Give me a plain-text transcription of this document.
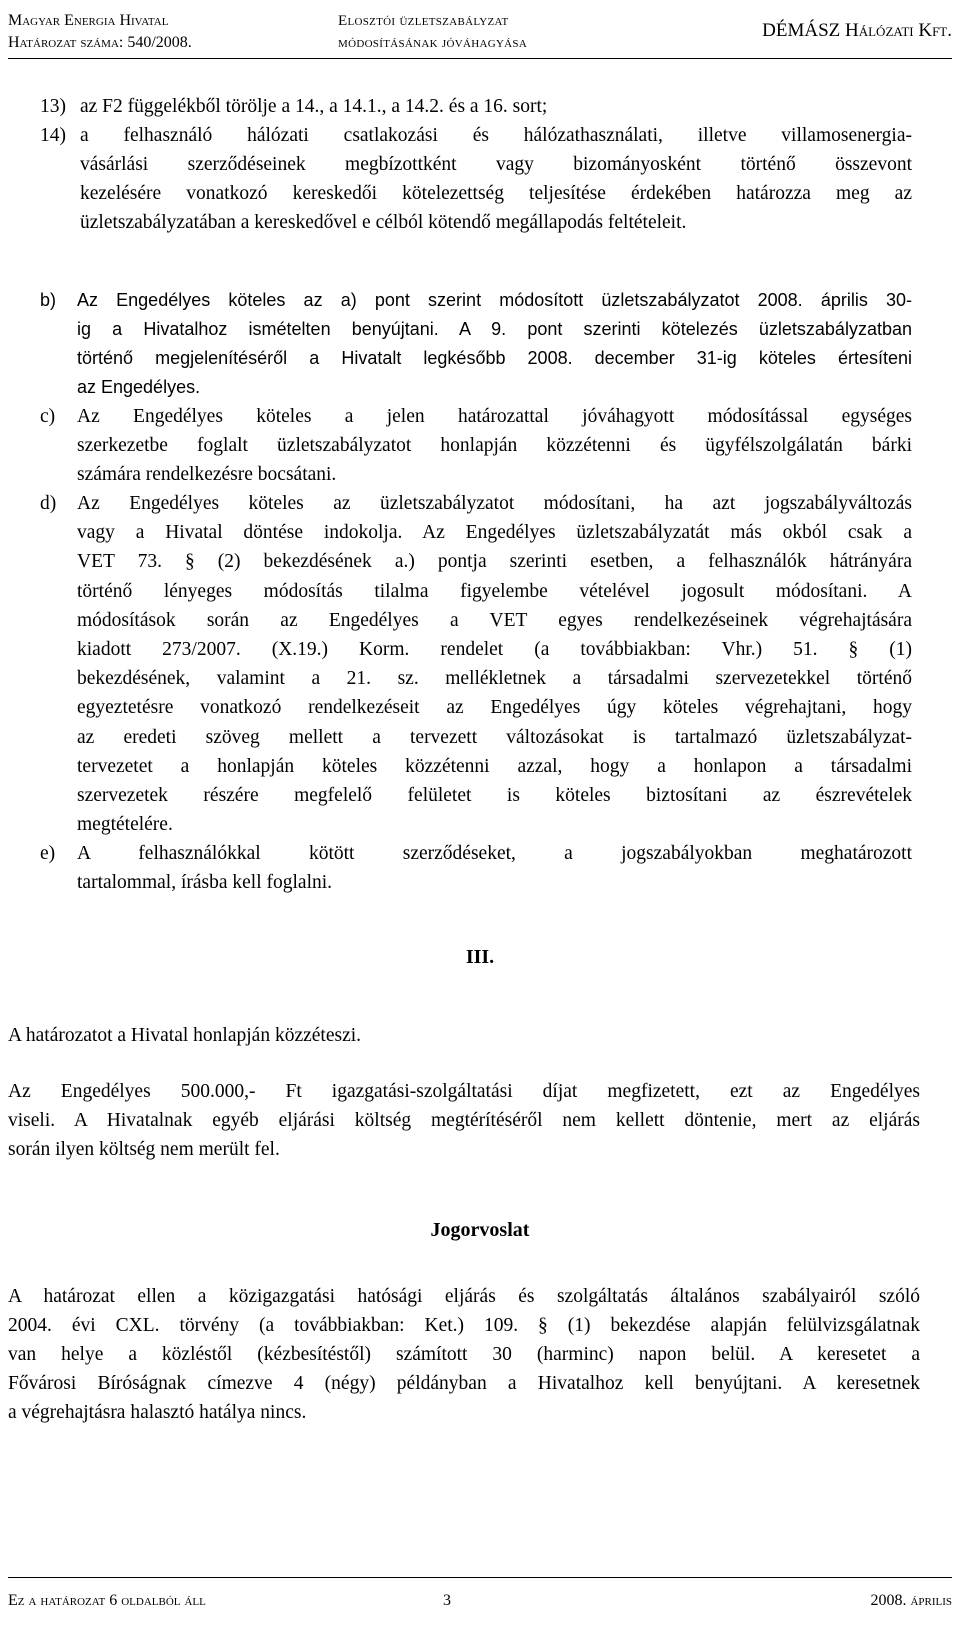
Magyar Energia Hivatal
Határozat száma: 540/2008.
Elosztói üzletszabályzat
módosításának jóváhagyása
DÉMÁSZ Hálózati Kft.
13) az F2 függelékből törölje a 14., a 14.1., a 14.2. és a 16. sort;
14) a felhasználó hálózati csatlakozási és hálózathasználati, illetve villamosenergia-
vásárlási szerződéseinek megbízottként vagy bizományosként történő összevont
kezelésére vonatkozó kereskedői kötelezettség teljesítése érdekében határozza meg az
üzletszabályzatában a kereskedővel e célból kötendő megállapodás feltételeit.
b) Az Engedélyes köteles az a) pont szerint módosított üzletszabályzatot 2008. április 30-
ig a Hivatalhoz ismételten benyújtani. A 9. pont szerinti kötelezés üzletszabályzatban
történő megjelenítéséről a Hivatalt legkésőbb 2008. december 31-ig köteles értesíteni
az Engedélyes.
c) Az Engedélyes köteles a jelen határozattal jóváhagyott módosítással egységes
szerkezetbe foglalt üzletszabályzatot honlapján közzétenni és ügyfélszolgálatán bárki
számára rendelkezésre bocsátani.
d) Az Engedélyes köteles az üzletszabályzatot módosítani, ha azt jogszabályváltozás
vagy a Hivatal döntése indokolja. Az Engedélyes üzletszabályzatát más okból csak a
VET 73. § (2) bekezdésének a.) pontja szerinti esetben, a felhasználók hátrányára
történő lényeges módosítás tilalma figyelembe vételével jogosult módosítani. A
módosítások során az Engedélyes a VET egyes rendelkezéseinek végrehajtására
kiadott 273/2007. (X.19.) Korm. rendelet (a továbbiakban: Vhr.) 51. § (1)
bekezdésének, valamint a 21. sz. mellékletnek a társadalmi szervezetekkel történő
egyeztetésre vonatkozó rendelkezéseit az Engedélyes úgy köteles végrehajtani, hogy
az eredeti szöveg mellett a tervezett változásokat is tartalmazó üzletszabályzat-
tervezetet a honlapján köteles közzétenni azzal, hogy a honlapon a társadalmi
szervezetek részére megfelelő felületet is köteles biztosítani az észrevételek
megtételére.
e) A felhasználókkal kötött szerződéseket, a jogszabályokban meghatározott
tartalommal, írásba kell foglalni.
III.
A határozatot a Hivatal honlapján közzéteszi.
Az Engedélyes 500.000,- Ft igazgatási-szolgáltatási díjat megfizetett, ezt az Engedélyes
viseli. A Hivatalnak egyéb eljárási költség megtérítéséről nem kellett döntenie, mert az eljárás
során ilyen költség nem merült fel.
Jogorvoslat
A határozat ellen a közigazgatási hatósági eljárás és szolgáltatás általános szabályairól szóló
2004. évi CXL. törvény (a továbbiakban: Ket.) 109. § (1) bekezdése alapján felülvizsgálatnak
van helye a közléstől (kézbesítéstől) számított 30 (harminc) napon belül. A keresetet a
Fővárosi Bíróságnak címezve 4 (négy) példányban a Hivatalhoz kell benyújtani. A keresetnek
a végrehajtásra halasztó hatálya nincs.
Ez a határozat 6 oldalból áll	3	2008. április
